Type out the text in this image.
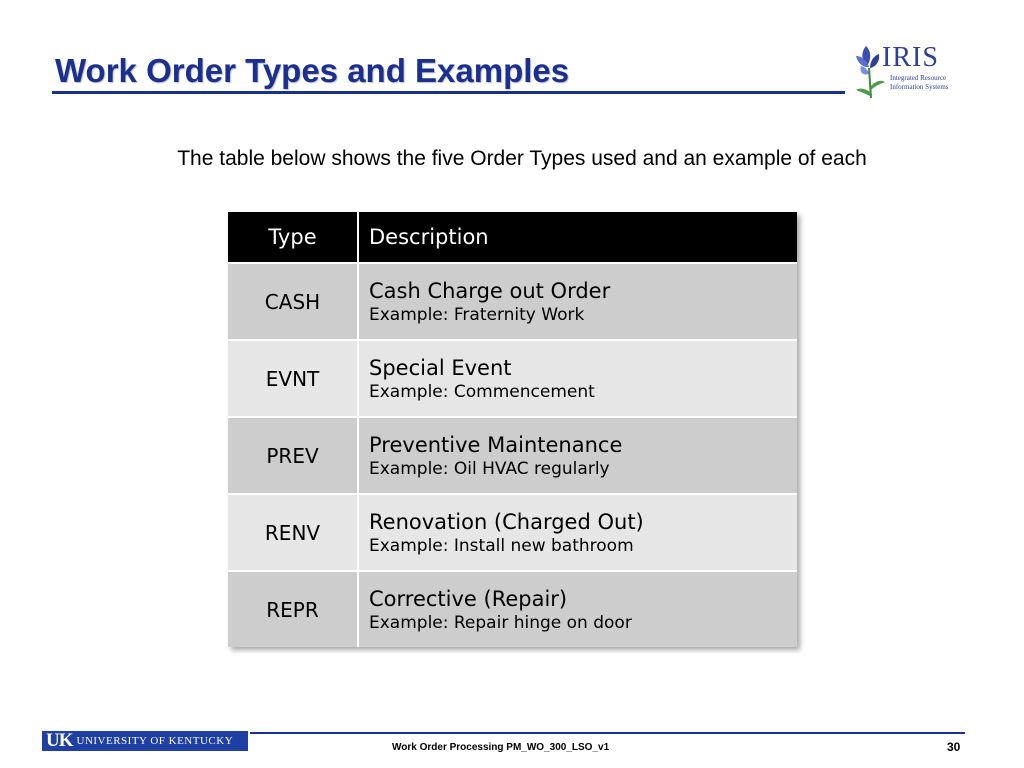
Work Order Types and Examples	IRIS
Integrated Resource
Information Systems
The table below shows the five Order Types used and an example of each
Type	Description
CASH	Cash Charge out Order
Example: Fraternity Work

EVNT	Special Event
Example: Commencement

PREV	Preventive Maintenance
Example: Oil HVAC regularly

RENV	Renovation (Charged Out)
Example: Install new bathroom

REPR	Corrective (Repair)
Example: Repair hinge on door
UK UNIVERSITY OF KENTUCKY
Work Order Processing PM_WO_300_LSO_v1	30
